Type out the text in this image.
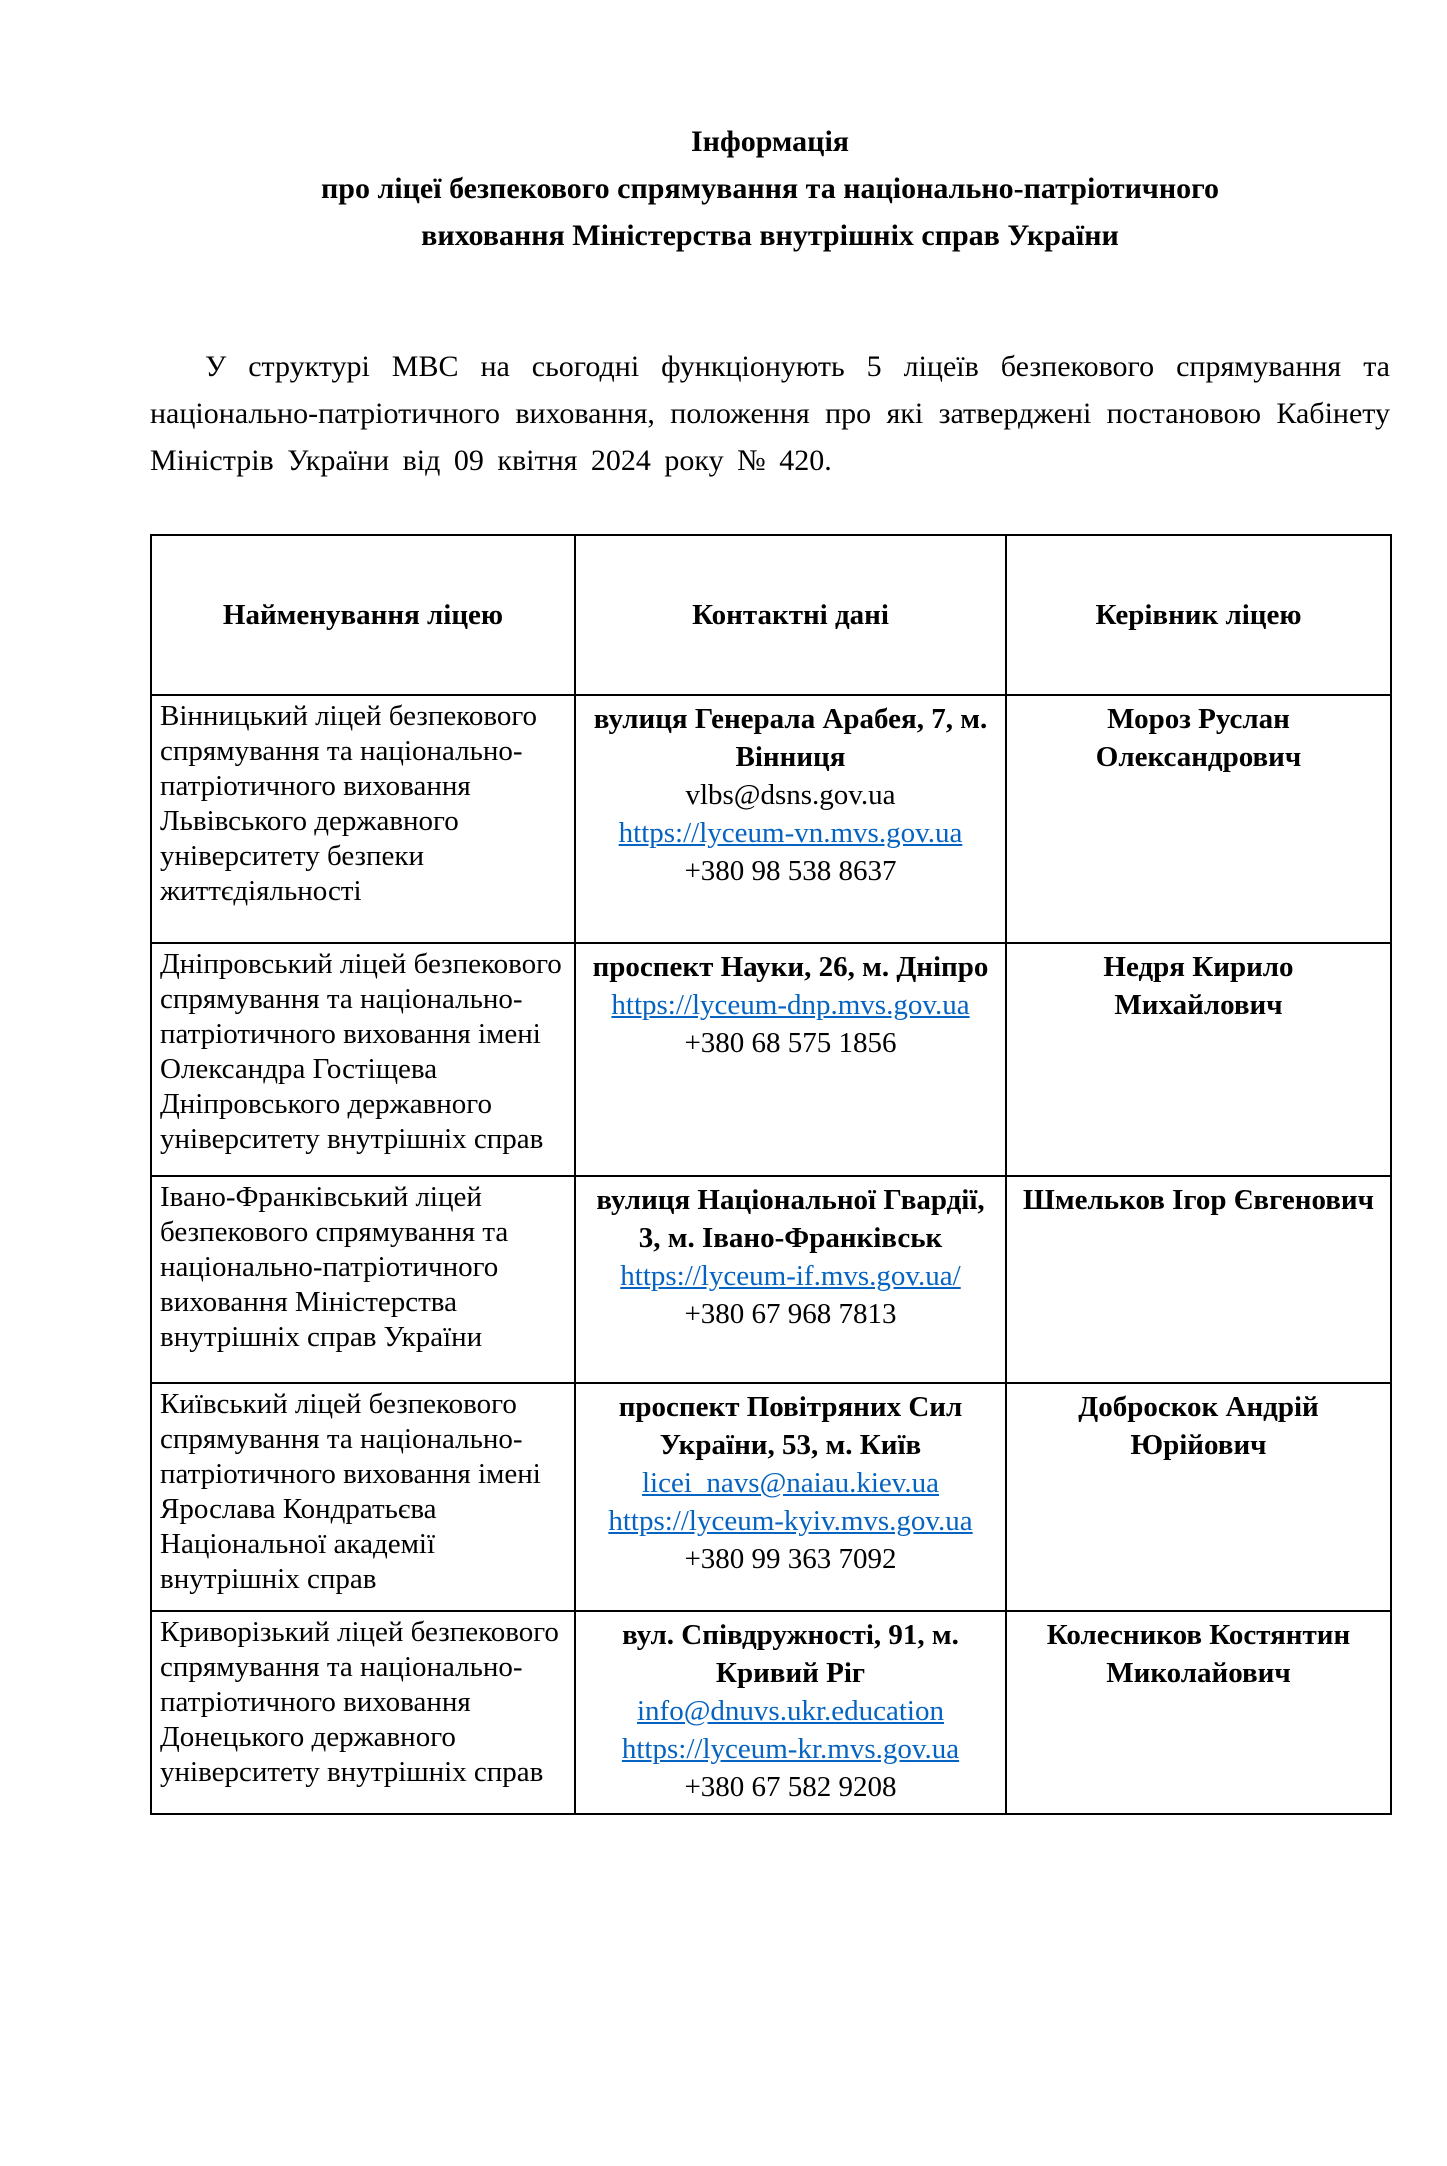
Інформація
про ліцеї безпекового спрямування та національно-патріотичного
виховання Міністерства внутрішніх справ України

У структурі МВС на сьогодні функціонують 5 ліцеїв безпекового спрямування та національно-патріотичного виховання, положення про які затверджені постановою Кабінету Міністрів України від 09 квітня 2024 року № 420.

Найменування ліцею	Контактні дані	Керівник ліцею
Вінницький ліцей безпекового спрямування та національно- патріотичного виховання Львівського державного університету безпеки життєдіяльності	вулиця Генерала Арабея, 7, м. Вінниця
vlbs@dsns.gov.ua
https://lyceum-vn.mvs.gov.ua
+380 98 538 8637	Мороз Руслан Олександрович
Дніпровський ліцей безпекового спрямування та національно-патріотичного виховання імені Олександра Гостіщева Дніпровського державного університету внутрішніх справ	проспект Науки, 26, м. Дніпро
https://lyceum-dnp.mvs.gov.ua
+380 68 575 1856	Недря Кирило Михайлович
Івано-Франківський ліцей безпекового спрямування та національно-патріотичного виховання Міністерства внутрішніх справ України	вулиця Національної Гвардії, 3, м. Івано-Франківськ
https://lyceum-if.mvs.gov.ua/
+380 67 968 7813	Шмельков Ігор Євгенович
Київський ліцей безпекового спрямування та національно-патріотичного виховання імені Ярослава Кондратьєва Національної академії внутрішніх справ	проспект Повітряних Сил України, 53, м. Київ
licei_navs@naiau.kiev.ua
https://lyceum-kyiv.mvs.gov.ua
+380 99 363 7092	Доброскок Андрій Юрійович
Криворізький ліцей безпекового спрямування та національно-патріотичного виховання Донецького державного університету внутрішніх справ	вул. Співдружності, 91, м. Кривий Ріг
info@dnuvs.ukr.education
https://lyceum-kr.mvs.gov.ua
+380 67 582 9208	Колесников Костянтин Миколайович
